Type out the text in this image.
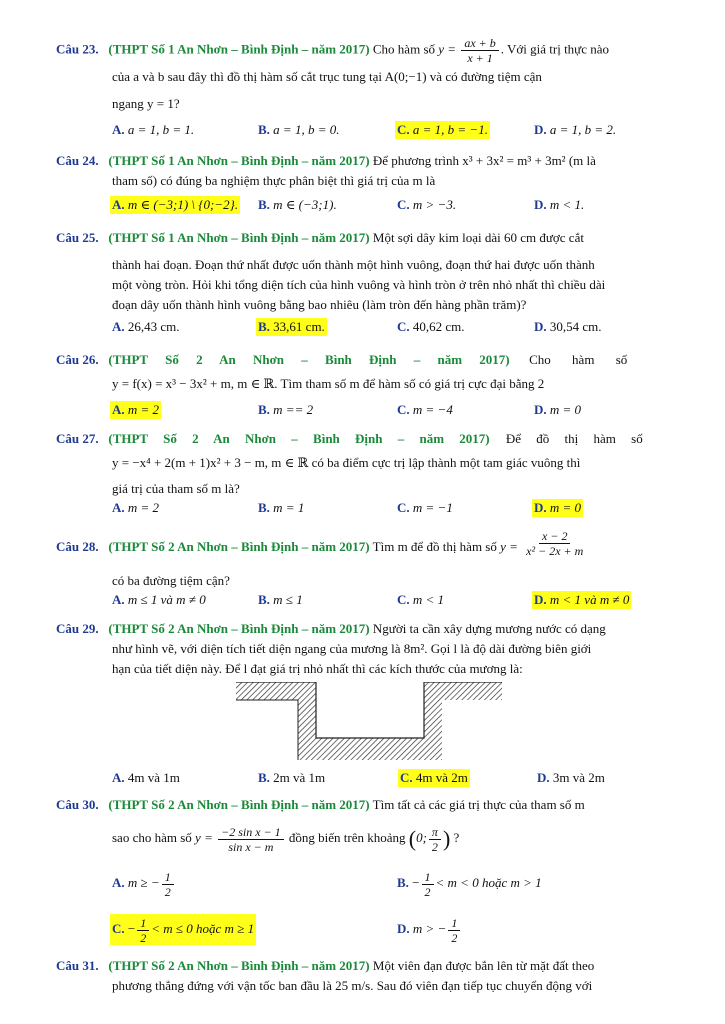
Câu 23. (THPT Số 1 An Nhơn – Bình Định – năm 2017) Cho hàm số $y = \frac{ax + b}{x + 1}$ . Với giá trị thực nào
của a và b sau đây thì đồ thị hàm số cắt trục tung tại A(0;−1) và có đường tiệm cận
ngang y = 1?
A. a = 1, b = 1.	B. a = 1, b = 0.	C. a = 1, b = −1.	D. a = 1, b = 2.
Câu 24. (THPT Số 1 An Nhơn – Bình Định – năm 2017) Để phương trình x³ + 3x² = m³ + 3m² (m là
tham số) có đúng ba nghiệm thực phân biệt thì giá trị của m là
A. m ∈ (−3;1) \ {0;−2}. B. m ∈ (−3;1).	C. m > −3.	D. m < 1.
Câu 25. (THPT Số 1 An Nhơn – Bình Định – năm 2017) Một sợi dây kim loại dài 60 cm được cắt
thành hai đoạn. Đoạn thứ nhất được uốn thành một hình vuông, đoạn thứ hai được uốn thành
một vòng tròn. Hỏi khi tổng diện tích của hình vuông và hình tròn ở trên nhỏ nhất thì chiều dài
đoạn dây uốn thành hình vuông bằng bao nhiêu (làm tròn đến hàng phần trăm)?
A. 26,43 cm.	B. 33,61 cm.	C. 40,62 cm.	D. 30,54 cm.
Câu 26. (THPT Số 2 An Nhơn – Bình Định – năm 2017) Cho hàm số
y = f(x) = x³ − 3x² + m, m ∈ ℝ. Tìm tham số m để hàm số có giá trị cực đại bằng 2
A. m = 2	B. m == 2	C. m = −4	D. m = 0
Câu 27. (THPT Số 2 An Nhơn – Bình Định – năm 2017) Để đồ thị hàm số
y = −x⁴ + 2(m + 1)x² + 3 − m, m ∈ ℝ có ba điểm cực trị lập thành một tam giác vuông thì
giá trị của tham số m là?
A. m = 2	B. m = 1	C. m = −1	D. m = 0
Câu 28. (THPT Số 2 An Nhơn – Bình Định – năm 2017) Tìm m để đồ thị hàm số $y = \frac{x - 2}{\text{x² − 2x + m}}$
có ba đường tiệm cận?
A. m ≤ 1 và m ≠ 0	B. m ≤ 1	C. m < 1	D. m < 1 và m ≠ 0
Câu 29. (THPT Số 2 An Nhơn – Bình Định – năm 2017) Người ta cần xây dựng mương nước có dạng
như hình vẽ, với diện tích tiết diện ngang của mương là 8m². Gọi l là độ dài đường biên giới
hạn của tiết diện này. Để l đạt giá trị nhỏ nhất thì các kích thước của mương là:
A. 4m và 1m	B. 2m và 1m	C. 4m và 2m	D. 3m và 2m
Câu 30. (THPT Số 2 An Nhơn – Bình Định – năm 2017) Tìm tất cả các giá trị thực của tham số m
sao cho hàm số $y = \frac{\text{−2 sin x − 1}}{\text{sin x − m}}$ đồng biến trên khoảng (0; $\frac{\pi}{2}$ ) ?
A. m ≥ − $\frac{1}{2}$	B. − $\frac{1}{2} < m < 0$ hoặc m > 1
C. − $\frac{1}{2} < m \le 0$ hoặc m ≥ 1	D. m > − $\frac{1}{2}$
Câu 31. (THPT Số 2 An Nhơn – Bình Định – năm 2017) Một viên đạn được bắn lên từ mặt đất theo
phương thẳng đứng với vận tốc ban đầu là 25 m/s. Sau đó viên đạn tiếp tục chuyển động với
